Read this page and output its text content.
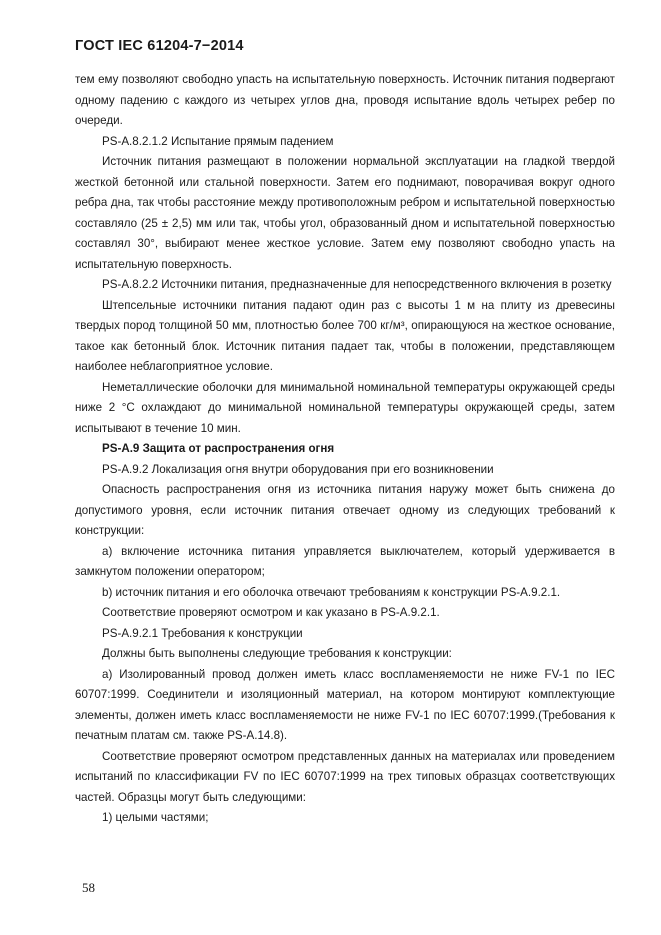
ГОСТ IEC 61204-7−2014

тем ему позволяют свободно упасть на испытательную поверхность. Источник питания подвергают одному падению с каждого из четырех углов дна, проводя испытание вдоль четырех ребер по очереди.

PS-A.8.2.1.2 Испытание прямым падением

Источник питания размещают в положении нормальной эксплуатации на гладкой твердой жесткой бетонной или стальной поверхности. Затем его поднимают, поворачивая вокруг одного ребра дна, так чтобы расстояние между противоположным ребром и испытательной поверхностью составляло (25 ± 2,5) мм или так, чтобы угол, образованный дном и испытательной поверхностью составлял 30°, выбирают менее жесткое условие. Затем ему позволяют свободно упасть на испытательную поверхность.

PS-A.8.2.2 Источники питания, предназначенные для непосредственного включения в розетку

Штепсельные источники питания падают один раз с высоты 1 м на плиту из древесины твердых пород толщиной 50 мм, плотностью более 700 кг/м³, опирающуюся на жесткое основание, такое как бетонный блок. Источник питания падает так, чтобы в положении, представляющем наиболее неблагоприятное условие.

Неметаллические оболочки для минимальной номинальной температуры окружающей среды ниже 2 °C охлаждают до минимальной номинальной температуры окружающей среды, затем испытывают в течение 10 мин.

PS-A.9 Защита от распространения огня

PS-A.9.2 Локализация огня внутри оборудования при его возникновении

Опасность распространения огня из источника питания наружу может быть снижена до допустимого уровня, если источник питания отвечает одному из следующих требований к конструкции:

a) включение источника питания управляется выключателем, который удерживается в замкнутом положении оператором;

b) источник питания и его оболочка отвечают требованиям к конструкции PS-A.9.2.1.

Соответствие проверяют осмотром и как указано в PS-A.9.2.1.

PS-A.9.2.1 Требования к конструкции

Должны быть выполнены следующие требования к конструкции:

a) Изолированный провод должен иметь класс воспламеняемости не ниже FV-1 по IEC 60707:1999. Соединители и изоляционный материал, на котором монтируют комплектующие элементы, должен иметь класс воспламеняемости не ниже FV-1 по IEC 60707:1999.(Требования к печатным платам см. также PS-A.14.8).

Соответствие проверяют осмотром представленных данных на материалах или проведением испытаний по классификации FV по IEC 60707:1999 на трех типовых образцах соответствующих частей. Образцы могут быть следующими:

1) целыми частями;

58
